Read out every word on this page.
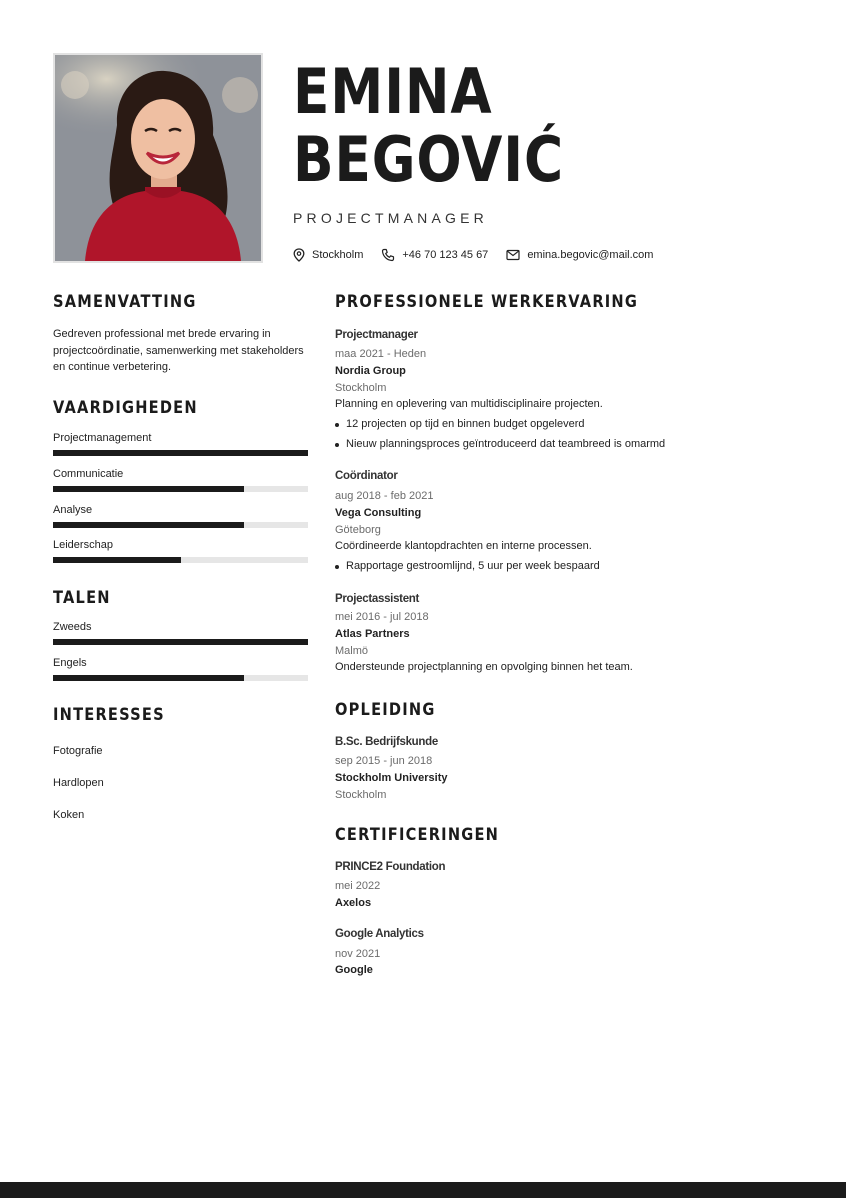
EMINA
BEGOVIĆ
PROJECTMANAGER
Stockholm	+46 70 123 45 67	emina.begovic@mail.com
SAMENVATTING

Gedreven professional met brede ervaring in
projectcoördinatie, samenwerking met stakeholders
en continue verbetering.

VAARDIGHEDEN
Projectmanagement
Communicatie
Analyse
Leiderschap
TALEN
Zweeds
Engels
INTERESSES
Fotografie
Hardlopen
Koken
PROFESSIONELE WERKERVARING
Projectmanager
maa 2021 - Heden
Nordia Group
Stockholm
Planning en oplevering van multidisciplinaire projecten.
12 projecten op tijd en binnen budget opgeleverd
Nieuw planningsproces geïntroduceerd dat teambreed is omarmd
Coördinator
aug 2018 - feb 2021
Vega Consulting
Göteborg
Coördineerde klantopdrachten en interne processen.
Rapportage gestroomlijnd, 5 uur per week bespaard
Projectassistent
mei 2016 - jul 2018
Atlas Partners
Malmö
Ondersteunde projectplanning en opvolging binnen het team.
OPLEIDING
B.Sc. Bedrijfskunde
sep 2015 - jun 2018
Stockholm University
Stockholm
CERTIFICERINGEN
PRINCE2 Foundation
mei 2022
Axelos
Google Analytics
nov 2021
Google
